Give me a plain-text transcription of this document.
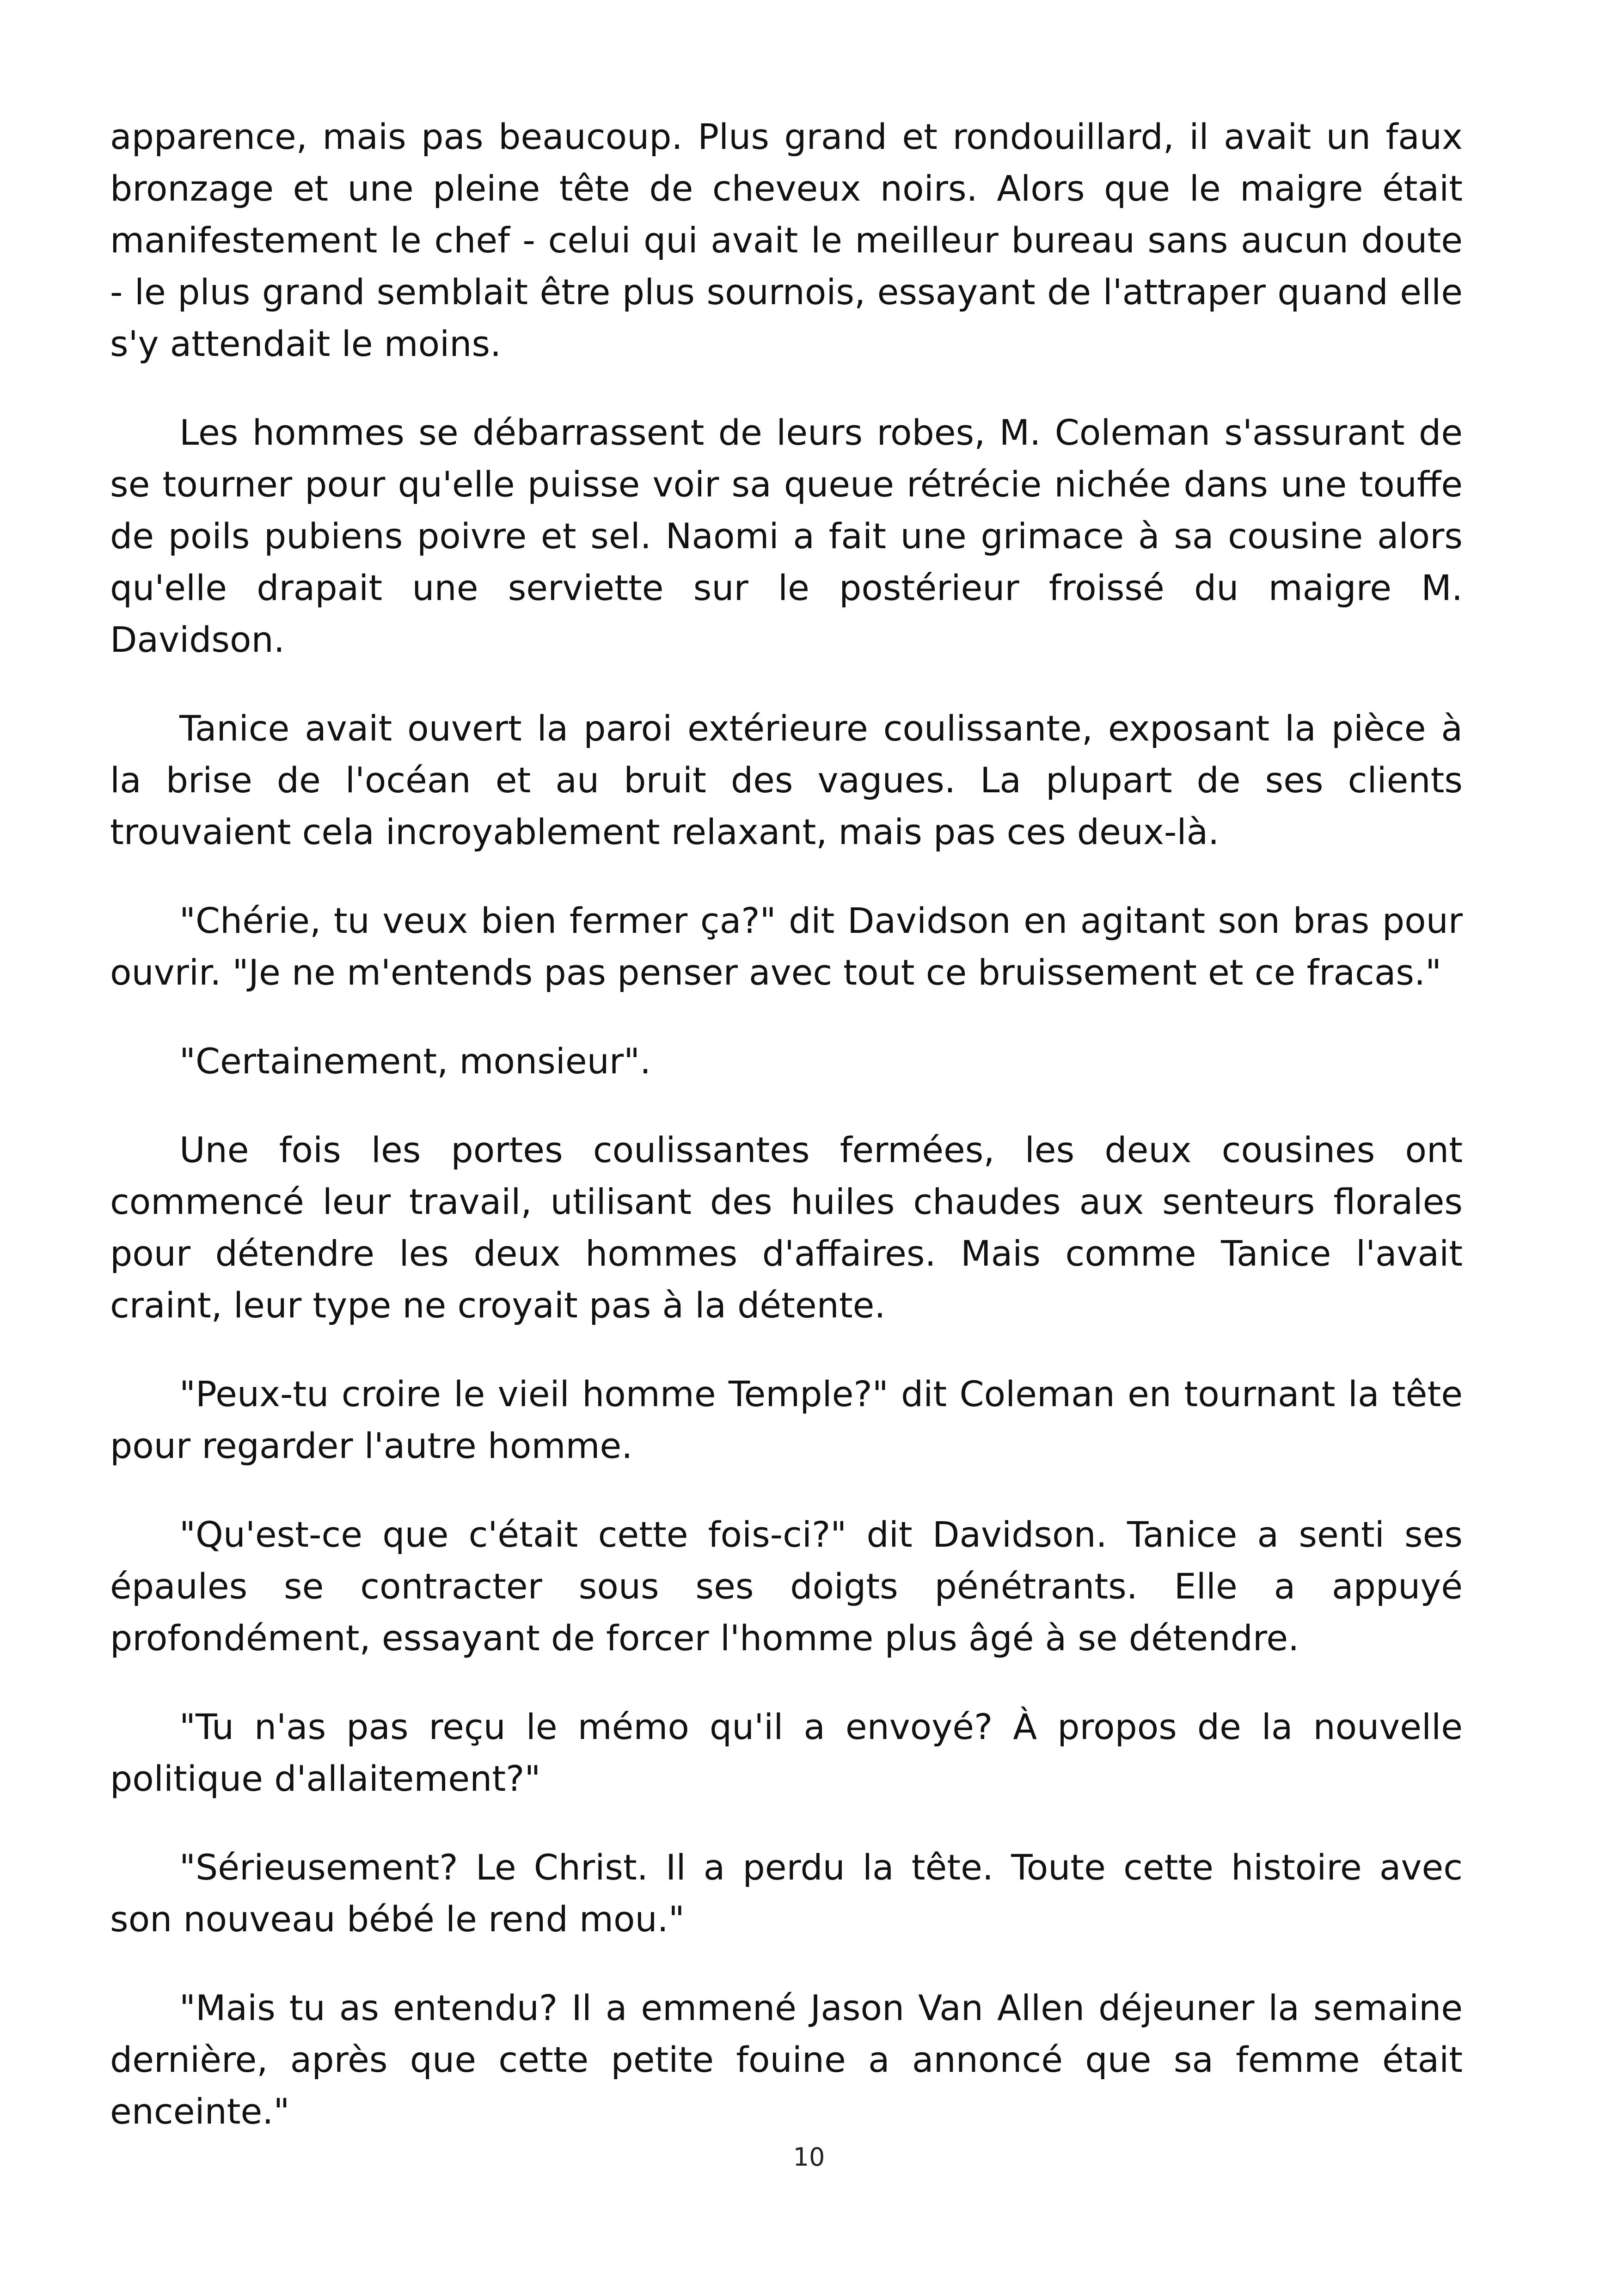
apparence, mais pas beaucoup. Plus grand et rondouillard, il avait un faux bronzage et une pleine tête de cheveux noirs. Alors que le maigre était manifestement le chef - celui qui avait le meilleur bureau sans aucun doute - le plus grand semblait être plus sournois, essayant de l'attraper quand elle s'y attendait le moins.

Les hommes se débarrassent de leurs robes, M. Coleman s'assurant de se tourner pour qu'elle puisse voir sa queue rétrécie nichée dans une touffe de poils pubiens poivre et sel. Naomi a fait une grimace à sa cousine alors qu'elle drapait une serviette sur le postérieur froissé du maigre M. Davidson.

Tanice avait ouvert la paroi extérieure coulissante, exposant la pièce à la brise de l'océan et au bruit des vagues. La plupart de ses clients trouvaient cela incroyablement relaxant, mais pas ces deux-là.

"Chérie, tu veux bien fermer ça?" dit Davidson en agitant son bras pour ouvrir. "Je ne m'entends pas penser avec tout ce bruissement et ce fracas."

"Certainement, monsieur".

Une fois les portes coulissantes fermées, les deux cousines ont commencé leur travail, utilisant des huiles chaudes aux senteurs florales pour détendre les deux hommes d'affaires. Mais comme Tanice l'avait craint, leur type ne croyait pas à la détente.

"Peux-tu croire le vieil homme Temple?" dit Coleman en tournant la tête pour regarder l'autre homme.

"Qu'est-ce que c'était cette fois-ci?" dit Davidson. Tanice a senti ses épaules se contracter sous ses doigts pénétrants. Elle a appuyé profondément, essayant de forcer l'homme plus âgé à se détendre.

"Tu n'as pas reçu le mémo qu'il a envoyé? À propos de la nouvelle politique d'allaitement?"

"Sérieusement? Le Christ. Il a perdu la tête. Toute cette histoire avec son nouveau bébé le rend mou."

"Mais tu as entendu? Il a emmené Jason Van Allen déjeuner la semaine dernière, après que cette petite fouine a annoncé que sa femme était enceinte."

10
